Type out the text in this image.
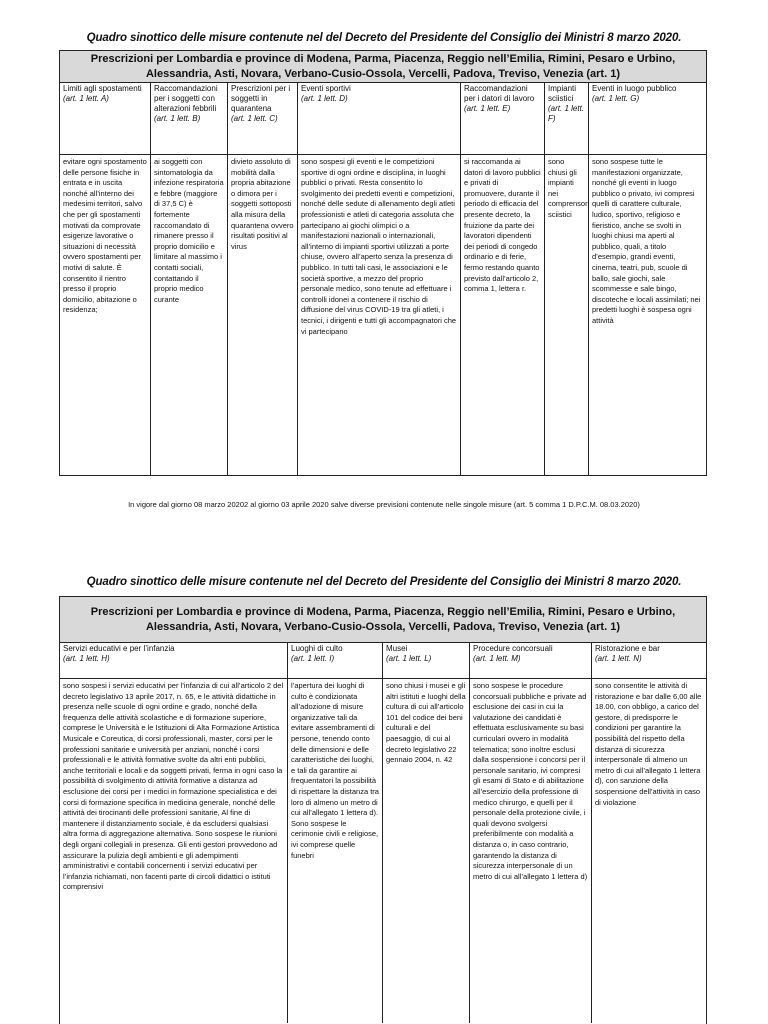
Quadro sinottico delle misure contenute nel del Decreto del Presidente del Consiglio dei Ministri 8 marzo 2020.
Prescrizioni per Lombardia e province di Modena, Parma, Piacenza, Reggio nell’Emilia, Rimini, Pesaro e Urbino,
Alessandria, Asti, Novara, Verbano-Cusio-Ossola, Vercelli, Padova, Treviso, Venezia (art. 1)
Limiti agli spostamenti
(art. 1 lett. A)
evitare ogni spostamento delle persone fisiche in entrata e in uscita nonché all’interno dei medesimi territori, salvo che per gli spostamenti motivati da comprovate esigenze lavorative o situazioni di necessità ovvero spostamenti per motivi di salute. È consentito il rientro presso il proprio domicilio, abitazione o residenza;
Raccomandazioni per i soggetti con alterazioni febbrili
(art. 1 lett. B)
ai soggetti con sintomatologia da infezione respiratoria e febbre (maggiore di 37,5 C) è fortemente raccomandato di rimanere presso il proprio domicilio e limitare al massimo i contatti sociali, contattando il proprio medico curante
Prescrizioni per i soggetti in quarantena
(art. 1 lett. C)
divieto assoluto di mobilità dalla propria abitazione o dimora per i soggetti sottoposti alla misura della quarantena ovvero risultati positivi al virus
Eventi sportivi
(art. 1 lett. D)
sono sospesi gli eventi e le competizioni sportive di ogni ordine e disciplina, in luoghi pubblici o privati. Resta consentito lo svolgimento dei predetti eventi e competizioni, nonché delle sedute di allenamento degli atleti professionisti e atleti di categoria assoluta che partecipano ai giochi olimpici o a manifestazioni nazionali o internazionali, all’interno di impianti sportivi utilizzati a porte chiuse, ovvero all’aperto senza la presenza di pubblico. In tutti tali casi, le associazioni e le società sportive, a mezzo del proprio personale medico, sono tenute ad effettuare i controlli idonei a contenere il rischio di diffusione del virus COVID-19 tra gli atleti, i tecnici, i dirigenti e tutti gli accompagnatori che vi partecipano
Raccomandazioni per i datori di lavoro
(art. 1 lett. E)
si raccomanda ai datori di lavoro pubblici e privati di promuovere, durante il periodo di efficacia del presente decreto, la fruizione da parte dei lavoratori dipendenti dei periodi di congedo ordinario e di ferie, fermo restando quanto previsto dall’articolo 2, comma 1, lettera r.
Impianti sciistici
(art. 1 lett. F)
sono chiusi gli impianti nei comprensori sciistici
Eventi in luogo pubblico
(art. 1 lett. G)
sono sospese tutte le manifestazioni organizzate, nonché gli eventi in luogo pubblico o privato, ivi compresi quelli di carattere culturale, ludico, sportivo, religioso e fieristico, anche se svolti in luoghi chiusi ma aperti al pubblico, quali, a titolo d’esempio, grandi eventi, cinema, teatri, pub, scuole di ballo, sale giochi, sale scommesse e sale bingo, discoteche e locali assimilati; nei predetti luoghi è sospesa ogni attività
In vigore dal giorno 08 marzo 20202 al giorno 03 aprile 2020 salve diverse previsioni contenute nelle singole misure (art. 5 comma 1 D.P.C.M. 08.03.2020)
Quadro sinottico delle misure contenute nel del Decreto del Presidente del Consiglio dei Ministri 8 marzo 2020.
Prescrizioni per Lombardia e province di Modena, Parma, Piacenza, Reggio nell’Emilia, Rimini, Pesaro e Urbino,
Alessandria, Asti, Novara, Verbano-Cusio-Ossola, Vercelli, Padova, Treviso, Venezia (art. 1)
Servizi educativi e per l’infanzia
(art. 1 lett. H)
sono sospesi i servizi educativi per l’infanzia di cui all’articolo 2 del decreto legislativo 13 aprile 2017, n. 65, e le attività didattiche in presenza nelle scuole di ogni ordine e grado, nonché della frequenza delle attività scolastiche e di formazione superiore, comprese le Università e le Istituzioni di Alta Formazione Artistica Musicale e Coreutica, di corsi professionali, master, corsi per le professioni sanitarie e università per anziani, nonché i corsi professionali e le attività formative svolte da altri enti pubblici, anche territoriali e locali e da soggetti privati, ferma in ogni caso la possibilità di svolgimento di attività formative a distanza ad esclusione dei corsi per i medici in formazione specialistica e dei corsi di formazione specifica in medicina generale, nonché delle attività dei tirocinanti delle professioni sanitarie, Al fine di mantenere il distanziamento sociale, è da escludersi qualsiasi altra forma di aggregazione alternativa. Sono sospese le riunioni degli organi collegiali in presenza. Gli enti gestori provvedono ad assicurare la pulizia degli ambienti e gli adempimenti amministrativi e contabili concernenti i servizi educativi per l’infanzia richiamati, non facenti parte di circoli didattici o istituti comprensivi
Luoghi di culto
(art. 1 lett. I)
l’apertura dei luoghi di culto è condizionata all’adozione di misure organizzative tali da evitare assembramenti di persone, tenendo conto delle dimensioni e delle caratteristiche dei luoghi, e tali da garantire ai frequentatori la possibilità di rispettare la distanza tra loro di almeno un metro di cui all’allegato 1 lettera d). Sono sospese le cerimonie civili e religiose, ivi comprese quelle funebri
Musei
(art. 1 lett. L)
sono chiusi i musei e gli altri istituti e luoghi della cultura di cui all’articolo 101 del codice dei beni culturali e del paesaggio, di cui al decreto legislativo 22 gennaio 2004, n. 42
Procedure concorsuali
(art. 1 lett. M)
sono sospese le procedure concorsuali pubbliche e private ad esclusione dei casi in cui la valutazione dei candidati è effettuata esclusivamente su basi curriculari ovvero in modalità telematica; sono inoltre esclusi dalla sospensione i concorsi per il personale sanitario, ivi compresi gli esami di Stato e di abilitazione all’esercizio della professione di medico chirurgo, e quelli per il personale della protezione civile, i quali devono svolgersi preferibilmente con modalità a distanza o, in caso contrario, garantendo la distanza di sicurezza interpersonale di un metro di cui all’allegato 1 lettera d)
Ristorazione e bar
(art. 1 lett. N)
sono consentite le attività di ristorazione e bar dalle 6,00 alle 18.00, con obbligo, a carico del gestore, di predisporre le condizioni per garantire la possibilità del rispetto della distanza di sicurezza interpersonale di almeno un metro di cui all’allegato 1 lettera d), con sanzione della sospensione dell’attività in caso di violazione
